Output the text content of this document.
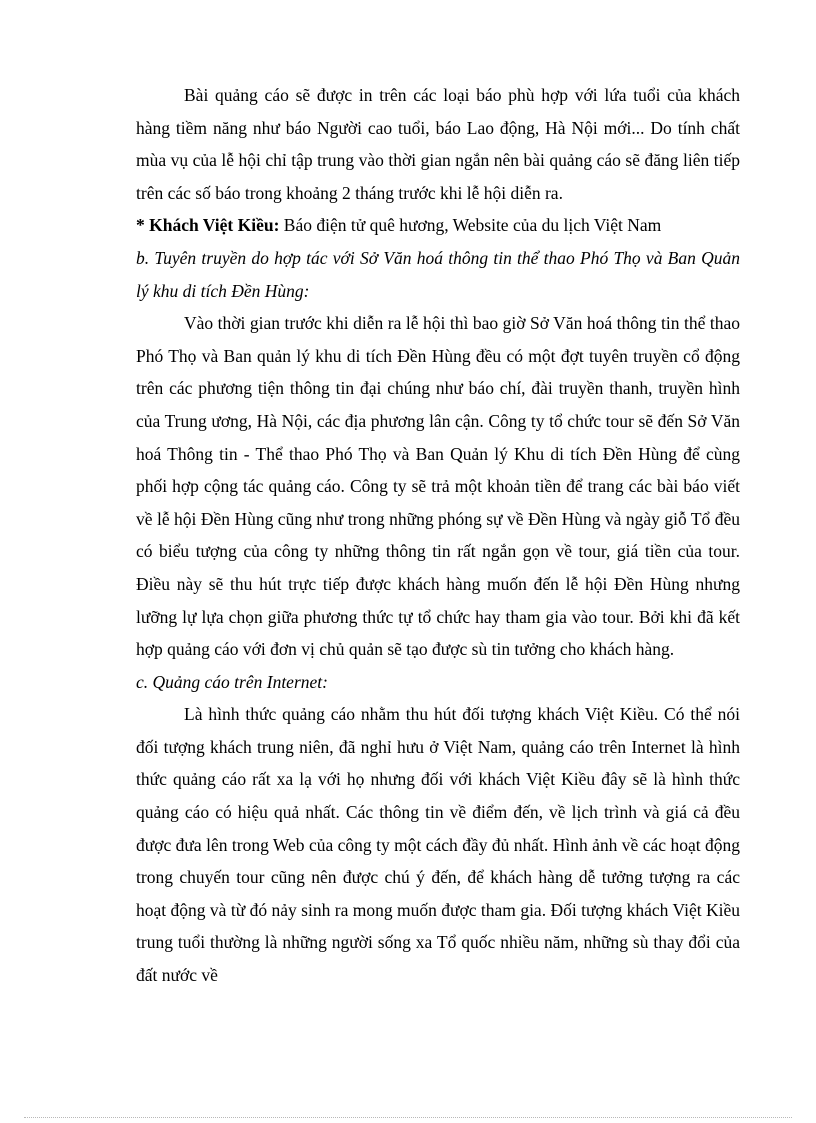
Bài quảng cáo sẽ được in trên các loại báo phù hợp với lứa tuổi của khách hàng tiềm năng như báo Người cao tuổi, báo Lao động, Hà Nội mới... Do tính chất mùa vụ của lễ hội chỉ tập trung vào thời gian ngắn nên bài quảng cáo sẽ đăng liên tiếp trên các số báo trong khoảng 2 tháng trước khi lễ hội diễn ra.

* Khách Việt Kiều: Báo điện tử quê hương, Website của du lịch Việt Nam

b. Tuyên truyền do hợp tác với Sở Văn hoá thông tin thể thao Phó Thọ và Ban Quản lý khu di tích Đền Hùng:

Vào thời gian trước khi diễn ra lễ hội thì bao giờ Sở Văn hoá thông tin thể thao Phó Thọ và Ban quản lý khu di tích Đền Hùng đều có một đợt tuyên truyền cổ động trên các phương tiện thông tin đại chúng như báo chí, đài truyền thanh, truyền hình của Trung ương, Hà Nội, các địa phương lân cận. Công ty tổ chức tour sẽ đến Sở Văn hoá Thông tin - Thể thao Phó Thọ và Ban Quản lý Khu di tích Đền Hùng để cùng phối hợp cộng tác quảng cáo. Công ty sẽ trả một khoản tiền để trang các bài báo viết về lễ hội Đền Hùng cũng như trong những phóng sự về Đền Hùng và ngày giỗ Tổ đều có biểu tượng của công ty những thông tin rất ngắn gọn về tour, giá tiền của tour. Điều này sẽ thu hút trực tiếp được khách hàng muốn đến lễ hội Đền Hùng nhưng lưỡng lự lựa chọn giữa phương thức tự tổ chức hay tham gia vào tour. Bởi khi đã kết hợp quảng cáo với đơn vị chủ quản sẽ tạo được sù tin tưởng cho khách hàng.

c. Quảng cáo trên Internet:

Là hình thức quảng cáo nhằm thu hút đối tượng khách Việt Kiều. Có thể nói đối tượng khách trung niên, đã nghỉ hưu ở Việt Nam, quảng cáo trên Internet là hình thức quảng cáo rất xa lạ với họ nhưng đối với khách Việt Kiều đây sẽ là hình thức quảng cáo có hiệu quả nhất. Các thông tin về điểm đến, về lịch trình và giá cả đều được đưa lên trong Web của công ty một cách đầy đủ nhất. Hình ảnh về các hoạt động trong chuyến tour cũng nên được chú ý đến, để khách hàng dễ tưởng tượng ra các hoạt động và từ đó nảy sinh ra mong muốn được tham gia. Đối tượng khách Việt Kiều trung tuổi thường là những người sống xa Tổ quốc nhiều năm, những sù thay đổi của đất nước về
